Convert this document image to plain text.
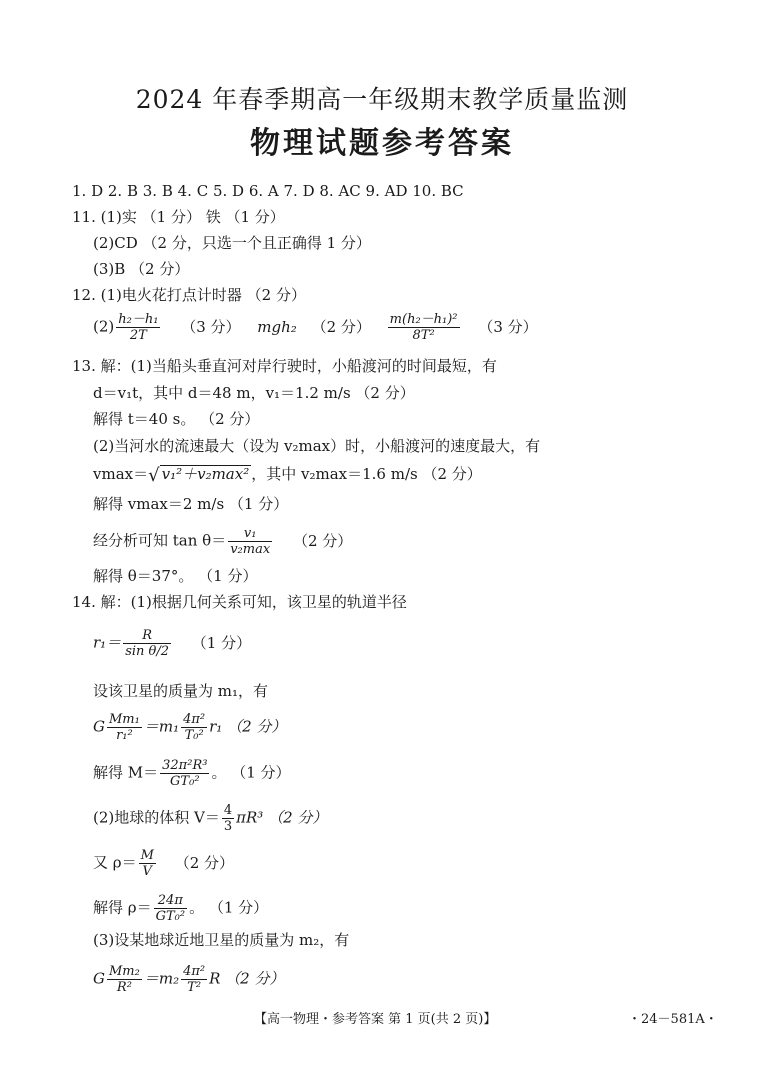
2024 年春季期高一年级期末教学质量监测
物理试题参考答案
1. D 2. B 3. B 4. C 5. D 6. A 7. D 8. AC 9. AD 10. BC
11. (1)实 （1 分） 铁 （1 分）
(2)CD （2 分，只选一个且正确得 1 分）
(3)B （2 分）
12. (1)电火花打点计时器 （2 分）
$(2) \frac{\text{h₂－h₁}}{2T} (3$ 分） mgh₂ （2 分） $\frac{\text{m(h₂－h₁)²}}{\text{8T²}} (3$ 分）
13. 解：(1)当船头垂直河对岸行驶时，小船渡河的时间最短，有
d＝v₁t，其中 d＝48 m，v₁＝1.2 m/s （2 分）
解得 t＝40 s。 （2 分）
(2)当河水的流速最大（设为 v₂max）时，小船渡河的速度最大，有
vmax＝√ v₁²＋v₂max² ，其中 v₂max＝1.6 m/s （2 分）
解得 vmax＝2 m/s （1 分）
经分析可知 $\tan \theta= \frac{\text{v₁}}{\text{v₂max}} (2$ 分）
解得 θ＝37°。 （1 分）
14. 解：(1)根据几何关系可知，该卫星的轨道半径
$r_1= \frac{R}{\text{sin θ/2}} (1$ 分）
设该卫星的质量为 m₁，有
G $\frac{\text{Mm₁}}{\text{r₁²}} =m_1 \frac{\text{4π²}}{\text{T₀²}} r_1$ （2 分）
解得 $M= \frac{\text{32π²R³}}{\text{GT₀²}}$ 。 （1 分）
(2)地球的体积 $V= \frac{4}{3} \pi R^3$ （2 分）
又 $\rho= \frac{M}{V} (2$ 分）
解得 $\rho= \frac{24\pi}{\text{GT₀²}}$ 。 （1 分）
(3)设某地球近地卫星的质量为 m₂，有
G $\frac{\text{Mm₂}}{\text{R²}} =m_2 \frac{\text{4π²}}{\text{T²}}$ R （2 分）
【高一物理・参考答案 第 1 页(共 2 页)】	・24－581A・
